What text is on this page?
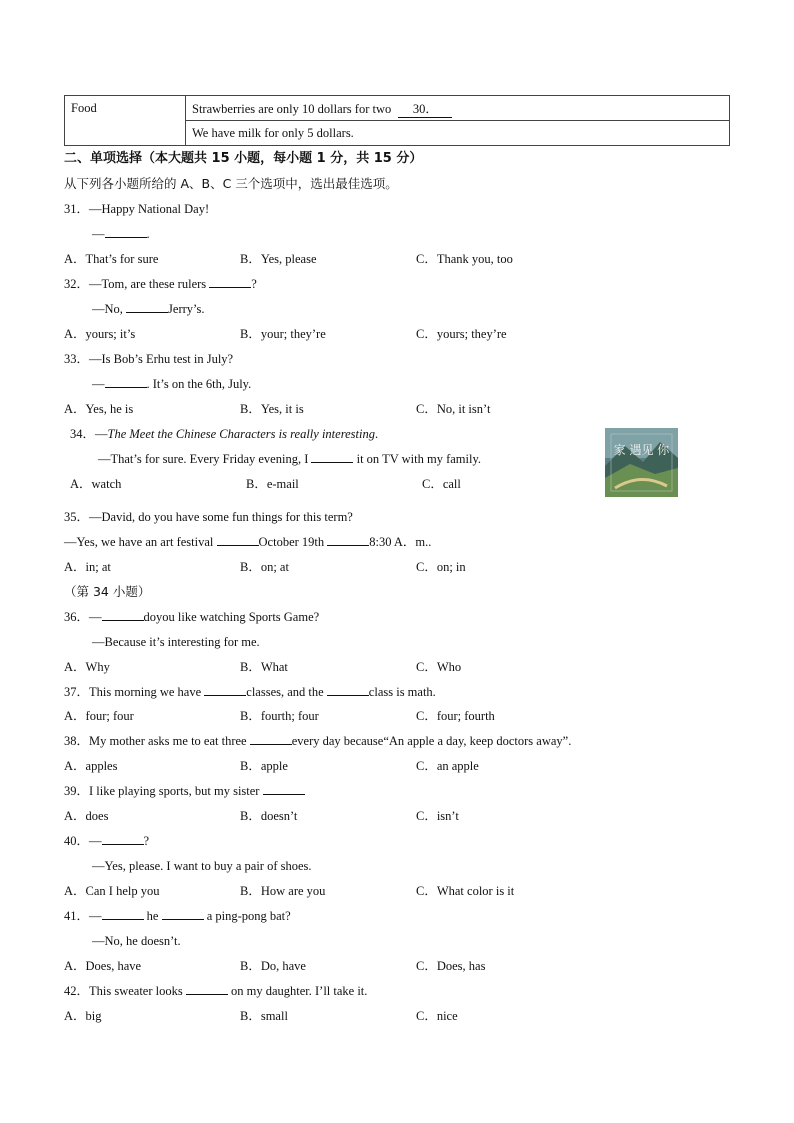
Food	Strawberries are only 10 dollars for two 30．
We have milk for only 5 dollars.
二、单项选择（本大题共 15 小题，每小题 1 分，共 15 分）
从下列各小题所给的 A、B、C 三个选项中，选出最佳选项。
31．—Happy National Day!
—	.
A．That’s for sure	B．Yes, please	C．Thank you, too
32．—Tom, are these rulers	?
—No,	Jerry’s.
A．yours; it’s	B．your; they’re	C．yours; they’re
33．—Is Bob’s Erhu test in July?
—	. It’s on the 6th, July.
A．Yes, he is	B．Yes, it is	C．No, it isn’t
34．—The Meet the Chinese Characters is really interesting.
—That’s for sure. Every Friday evening, I	it on TV with my family.
A．watch	B．e-mail	C．call
家 遇见 你
35．—David, do you have some fun things for this term?
—Yes, we have an art festival	October 19th	8:30 A．m..
A．in; at	B．on; at	C．on; in
（第 34 小题）
36．—	doyou like watching Sports Game?
—Because it’s interesting for me.
A．Why	B．What	C．Who
37．This morning we have	classes, and the	class is math.
A．four; four	B．fourth; four	C．four; fourth
38．My mother asks me to eat three	every day because“An apple a day, keep doctors away”.
A．apples	B．apple	C．an apple
39．I like playing sports, but my sister
A．does	B．doesn’t	C．isn’t
40．—	?
—Yes, please. I want to buy a pair of shoes.
A．Can I help you	B．How are you	C．What color is it
41．—	he	a ping-pong bat?
—No, he doesn’t.
A．Does, have	B．Do, have	C．Does, has
42．This sweater looks	on my daughter. I’ll take it.
A．big	B．small	C．nice
